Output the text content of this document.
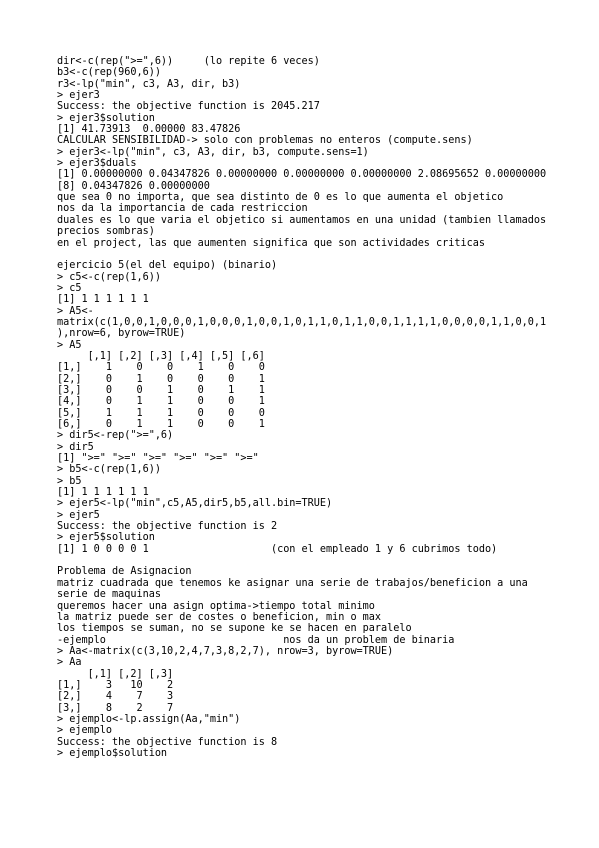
dir<-c(rep(">=",6))     (lo repite 6 veces)
b3<-c(rep(960,6))
r3<-lp("min", c3, A3, dir, b3)
> ejer3
Success: the objective function is 2045.217
> ejer3$solution
[1] 41.73913  0.00000 83.47826
CALCULAR SENSIBILIDAD-> solo con problemas no enteros (compute.sens)
> ejer3<-lp("min", c3, A3, dir, b3, compute.sens=1)
> ejer3$duals
[1] 0.00000000 0.04347826 0.00000000 0.00000000 0.00000000 2.08695652 0.00000000
[8] 0.04347826 0.00000000
que sea 0 no importa, que sea distinto de 0 es lo que aumenta el objetico
nos da la importancia de cada restriccion
duales es lo que varia el objetico si aumentamos en una unidad (tambien llamados
precios sombras)
en el project, las que aumenten significa que son actividades criticas
ejercicio 5(el del equipo) (binario)
> c5<-c(rep(1,6))
> c5
[1] 1 1 1 1 1 1
> A5<-
matrix(c(1,0,0,1,0,0,0,1,0,0,0,1,0,0,1,0,1,1,0,1,1,0,0,1,1,1,1,0,0,0,0,1,1,0,0,1
),nrow=6, byrow=TRUE)
> A5
[,1] [,2] [,3] [,4] [,5] [,6]
[1,]    1    0    0    1    0    0
[2,]    0    1    0    0    0    1
[3,]    0    0    1    0    1    1
[4,]    0    1    1    0    0    1
[5,]    1    1    1    0    0    0
[6,]    0    1    1    0    0    1
> dir5<-rep(">=",6)
> dir5
[1] ">=" ">=" ">=" ">=" ">=" ">="
> b5<-c(rep(1,6))
> b5
[1] 1 1 1 1 1 1
> ejer5<-lp("min",c5,A5,dir5,b5,all.bin=TRUE)
> ejer5
Success: the objective function is 2
> ejer5$solution
[1] 1 0 0 0 0 1                    (con el empleado 1 y 6 cubrimos todo)
Problema de Asignacion
matriz cuadrada que tenemos ke asignar una serie de trabajos/beneficion a una
serie de maquinas
queremos hacer una asign optima->tiempo total minimo
la matriz puede ser de costes o beneficion, min o max
los tiempos se suman, no se supone ke se hacen en paralelo
-ejemplo                             nos da un problem de binaria
> Aa<-matrix(c(3,10,2,4,7,3,8,2,7), nrow=3, byrow=TRUE)
> Aa
[,1] [,2] [,3]
[1,]    3   10    2
[2,]    4    7    3
[3,]    8    2    7
> ejemplo<-lp.assign(Aa,"min")
> ejemplo
Success: the objective function is 8
> ejemplo$solution
